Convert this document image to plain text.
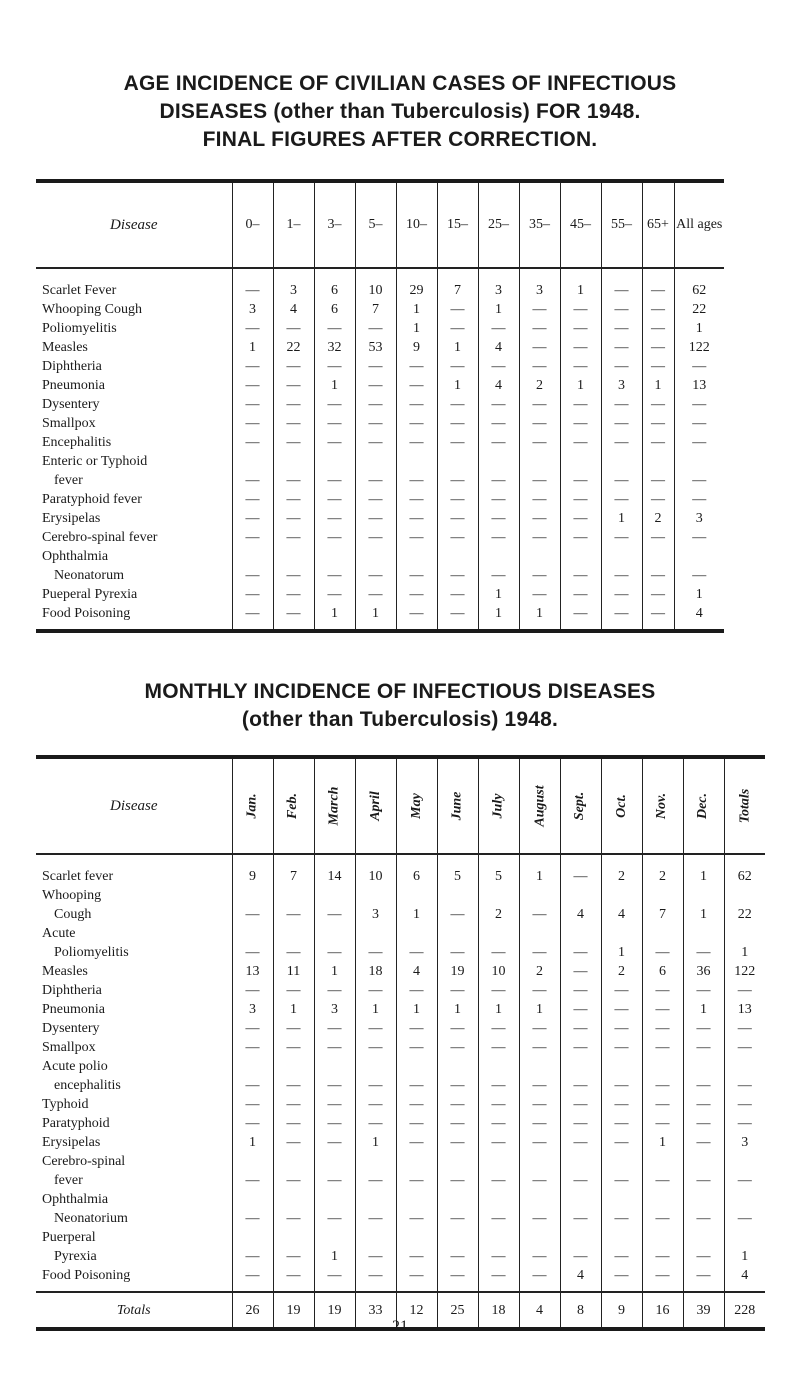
AGE INCIDENCE OF CIVILIAN CASES OF INFECTIOUS
DISEASES (other than Tuberculosis) FOR 1948.
FINAL FIGURES AFTER CORRECTION.
Disease	0–	1–	3–	5–	10–	15–	25–	35–	45–	55–	65+	All ages

Scarlet Fever	—	3	6	10	29	7	3	3	1	—	—	62

Whooping Cough	3	4	6	7	1	—	1	—	—	—	—	22

Poliomyelitis	—	—	—	—	1	—	—	—	—	—	—	1

Measles	1	22	32	53	9	1	4	—	—	—	—	122

Diphtheria	—	—	—	—	—	—	—	—	—	—	—	—

Pneumonia	—	—	1	—	—	1	4	2	1	3	1	13

Dysentery	—	—	—	—	—	—	—	—	—	—	—	—

Smallpox	—	—	—	—	—	—	—	—	—	—	—	—

Encephalitis	—	—	—	—	—	—	—	—	—	—	—	—

Enteric or Typhoid
fever	—	—	—	—	—	—	—	—	—	—	—	—

Paratyphoid fever	—	—	—	—	—	—	—	—	—	—	—	—

Erysipelas	—	—	—	—	—	—	—	—	—	1	2	3

Cerebro-spinal fever	—	—	—	—	—	—	—	—	—	—	—	—

Ophthalmia
Neonatorum	—	—	—	—	—	—	—	—	—	—	—	—

Pueperal Pyrexia	—	—	—	—	—	—	1	—	—	—	—	1

Food Poisoning	—	—	1	1	—	—	1	1	—	—	—	4
MONTHLY INCIDENCE OF INFECTIOUS DISEASES
(other than Tuberculosis) 1948.
Disease	Jan.	Feb.	March	April	May	June	July	August	Sept.	Oct.	Nov.	Dec.	Totals

Scarlet fever	9	7	14	10	6	5	5	1	—	2	2	1	62

Whooping
Cough	—	—	—	3	1	—	2	—	4	4	7	1	22

Acute
Poliomyelitis	—	—	—	—	—	—	—	—	—	1	—	—	1

Measles	13	11	1	18	4	19	10	2	—	2	6	36	122

Diphtheria	—	—	—	—	—	—	—	—	—	—	—	—	—

Pneumonia	3	1	3	1	1	1	1	1	—	—	—	1	13

Dysentery	—	—	—	—	—	—	—	—	—	—	—	—	—

Smallpox	—	—	—	—	—	—	—	—	—	—	—	—	—

Acute polio
encephalitis	—	—	—	—	—	—	—	—	—	—	—	—	—

Typhoid	—	—	—	—	—	—	—	—	—	—	—	—	—

Paratyphoid	—	—	—	—	—	—	—	—	—	—	—	—	—

Erysipelas	1	—	—	1	—	—	—	—	—	—	1	—	3

Cerebro-spinal
fever	—	—	—	—	—	—	—	—	—	—	—	—	—

Ophthalmia
Neonatorium	—	—	—	—	—	—	—	—	—	—	—	—	—

Puerperal
Pyrexia	—	—	1	—	—	—	—	—	—	—	—	—	1

Food Poisoning	—	—	—	—	—	—	—	—	4	—	—	—	4
Totals	26	19	19	33	12	25	18	4	8	9	16	39	228
21
